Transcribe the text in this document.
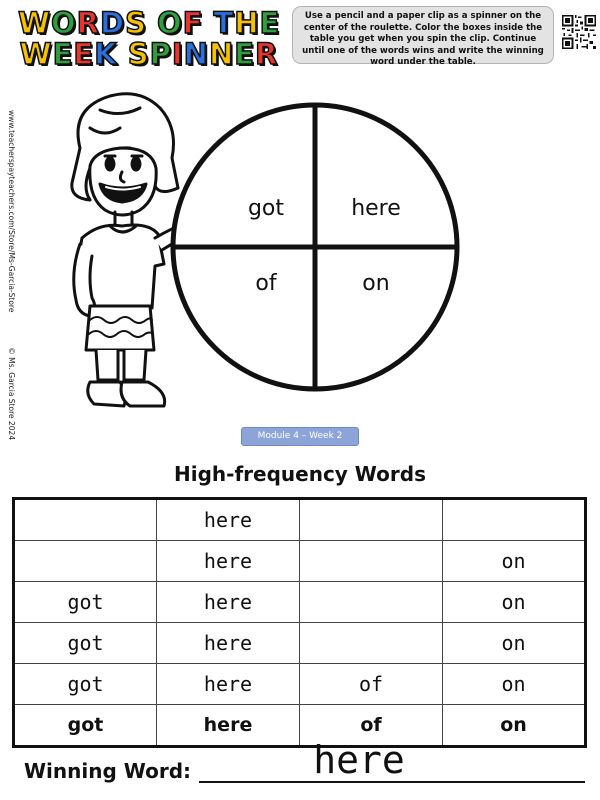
WORDS OF THE
WEEK SPINNER
Use a pencil and a paper clip as a spinner on the center of the roulette. Color the boxes inside the table you get when you spin the clip. Continue until one of the words wins and write the winning word under the table.
www.teacherspayteachers.com/Store/Ms-Garcia-Store  © Ms. Garcia Store 2024
got	here
of	on
Module 4 – Week 2
High-frequency Words
	here		
	here		on
got	here		on
got	here		on
got	here	of	on
got	here	of	on
Winning Word:	here
